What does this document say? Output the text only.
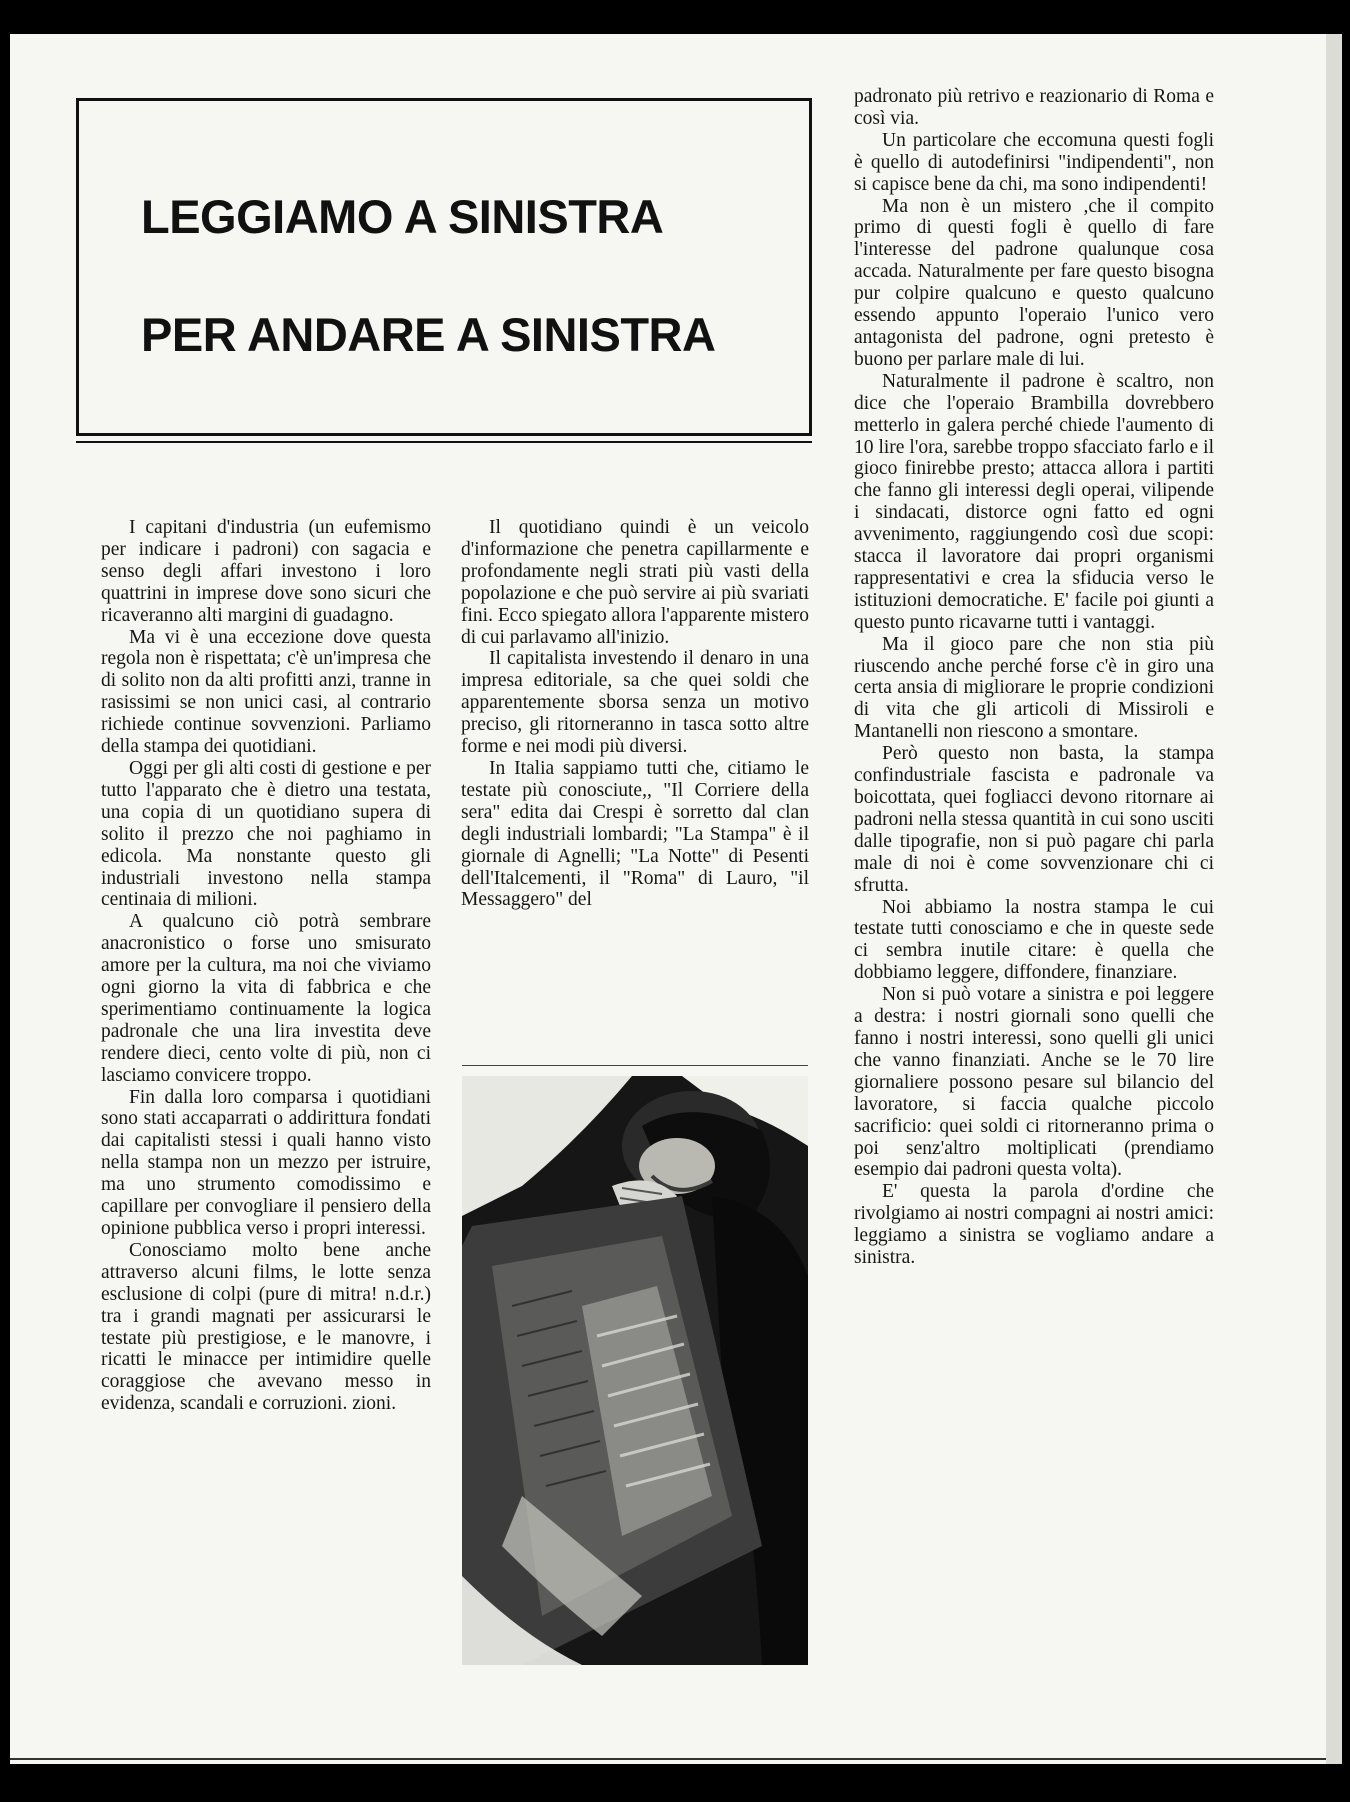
LEGGIAMO A SINISTRA
PER ANDARE A SINISTRA

I capitani d'industria (un eufemismo per indicare i padroni) con sagacia e senso degli affari investono i loro quattrini in imprese dove sono sicuri che ricaveranno alti margini di guadagno.

Ma vi è una eccezione dove questa regola non è rispettata; c'è un'impresa che di solito non da alti profitti anzi, tranne in rasissimi se non unici casi, al contrario richiede continue sovvenzioni. Parliamo della stampa dei quotidiani.

Oggi per gli alti costi di gestione e per tutto l'apparato che è dietro una testata, una copia di un quotidiano supera di solito il prezzo che noi paghiamo in edicola. Ma nonstante questo gli industriali investono nella stampa centinaia di milioni.

A qualcuno ciò potrà sembrare anacronistico o forse uno smisurato amore per la cultura, ma noi che viviamo ogni giorno la vita di fabbrica e che sperimentiamo continuamente la logica padronale che una lira investita deve rendere dieci, cento volte di più, non ci lasciamo convicere troppo.

Fin dalla loro comparsa i quotidiani sono stati accaparrati o addirittura fondati dai capitalisti stessi i quali hanno visto nella stampa non un mezzo per istruire, ma uno strumento comodissimo e capillare per convogliare il pensiero della opinione pubblica verso i propri interessi.

Conosciamo molto bene anche attraverso alcuni films, le lotte senza esclusione di colpi (pure di mitra! n.d.r.) tra i grandi magnati per assicurarsi le testate più prestigiose, e le manovre, i ricatti le minacce per intimidire quelle coraggiose che avevano messo in evidenza, scandali e corruzioni. zioni.

Il quotidiano quindi è un veicolo d'informazione che penetra capillarmente e profondamente negli strati più vasti della popolazione e che può servire ai più svariati fini. Ecco spiegato allora l'apparente mistero di cui parlavamo all'inizio.

Il capitalista investendo il denaro in una impresa editoriale, sa che quei soldi che apparentemente sborsa senza un motivo preciso, gli ritorneranno in tasca sotto altre forme e nei modi più diversi.

In Italia sappiamo tutti che, citiamo le testate più conosciute,, "Il Corriere della sera" edita dai Crespi è sorretto dal clan degli industriali lombardi; "La Stampa" è il giornale di Agnelli; "La Notte" di Pesenti dell'Italcementi, il "Roma" di Lauro, "il Messaggero" del

padronato più retrivo e reazionario di Roma e così via.

Un particolare che eccomuna questi fogli è quello di autodefinirsi "indipendenti", non si capisce bene da chi, ma sono indipendenti!

Ma non è un mistero ,che il compito primo di questi fogli è quello di fare l'interesse del padrone qualunque cosa accada. Naturalmente per fare questo bisogna pur colpire qualcuno e questo qualcuno essendo appunto l'operaio l'unico vero antagonista del padrone, ogni pretesto è buono per parlare male di lui.

Naturalmente il padrone è scaltro, non dice che l'operaio Brambilla dovrebbero metterlo in galera perché chiede l'aumento di 10 lire l'ora, sarebbe troppo sfacciato farlo e il gioco finirebbe presto; attacca allora i partiti che fanno gli interessi degli operai, vilipende i sindacati, distorce ogni fatto ed ogni avvenimento, raggiungendo così due scopi: stacca il lavoratore dai propri organismi rappresentativi e crea la sfiducia verso le istituzioni democratiche. E' facile poi giunti a questo punto ricavarne tutti i vantaggi.

Ma il gioco pare che non stia più riuscendo anche perché forse c'è in giro una certa ansia di migliorare le proprie condizioni di vita che gli articoli di Missiroli e Mantanelli non riescono a smontare.

Però questo non basta, la stampa confindustriale fascista e padronale va boicottata, quei fogliacci devono ritornare ai padroni nella stessa quantità in cui sono usciti dalle tipografie, non si può pagare chi parla male di noi è come sovvenzionare chi ci sfrutta.

Noi abbiamo la nostra stampa le cui testate tutti conosciamo e che in queste sede ci sembra inutile citare: è quella che dobbiamo leggere, diffondere, finanziare.

Non si può votare a sinistra e poi leggere a destra: i nostri giornali sono quelli che fanno i nostri interessi, sono quelli gli unici che vanno finanziati. Anche se le 70 lire giornaliere possono pesare sul bilancio del lavoratore, si faccia qualche piccolo sacrificio: quei soldi ci ritorneranno prima o poi senz'altro moltiplicati (prendiamo esempio dai padroni questa volta).

E' questa la parola d'ordine che rivolgiamo ai nostri compagni ai nostri amici: leggiamo a sinistra se vogliamo andare a sinistra.
